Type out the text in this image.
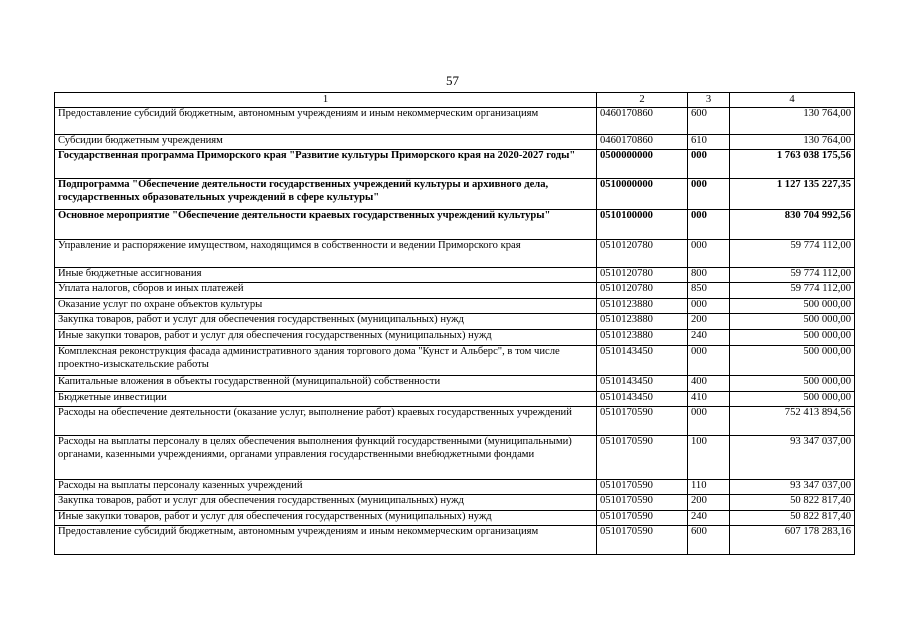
57
1	2	3	4
Предоставление субсидий бюджетным, автономным учреждениям и иным некоммерческим организациям	0460170860	600	130 764,00
Субсидии бюджетным учреждениям	0460170860	610	130 764,00
Государственная программа Приморского края "Развитие культуры Приморского края на 2020-2027 годы"	0500000000	000	1 763 038 175,56
Подпрограмма "Обеспечение деятельности государственных учреждений культуры и архивного дела, государственных образовательных учреждений в сфере культуры"	0510000000	000	1 127 135 227,35
Основное мероприятие "Обеспечение деятельности краевых государственных учреждений культуры"	0510100000	000	830 704 992,56
Управление и распоряжение имуществом, находящимся в собственности и ведении Приморского края	0510120780	000	59 774 112,00
Иные бюджетные ассигнования	0510120780	800	59 774 112,00
Уплата налогов, сборов и иных платежей	0510120780	850	59 774 112,00
Оказание услуг по охране объектов культуры	0510123880	000	500 000,00
Закупка товаров, работ и услуг для обеспечения государственных (муниципальных) нужд	0510123880	200	500 000,00
Иные закупки товаров, работ и услуг для обеспечения государственных (муниципальных) нужд	0510123880	240	500 000,00
Комплексная реконструкция фасада административного здания торгового дома "Кунст и Альберс", в том числе проектно-изыскательские работы	0510143450	000	500 000,00
Капитальные вложения в объекты государственной (муниципальной) собственности	0510143450	400	500 000,00
Бюджетные инвестиции	0510143450	410	500 000,00
Расходы на обеспечение деятельности (оказание услуг, выполнение работ) краевых государственных учреждений	0510170590	000	752 413 894,56
Расходы на выплаты персоналу в целях обеспечения выполнения функций государственными (муниципальными) органами, казенными учреждениями, органами управления государственными внебюджетными фондами	0510170590	100	93 347 037,00
Расходы на выплаты персоналу казенных учреждений	0510170590	110	93 347 037,00
Закупка товаров, работ и услуг для обеспечения государственных (муниципальных) нужд	0510170590	200	50 822 817,40
Иные закупки товаров, работ и услуг для обеспечения государственных (муниципальных) нужд	0510170590	240	50 822 817,40
Предоставление субсидий бюджетным, автономным учреждениям и иным некоммерческим организациям	0510170590	600	607 178 283,16
